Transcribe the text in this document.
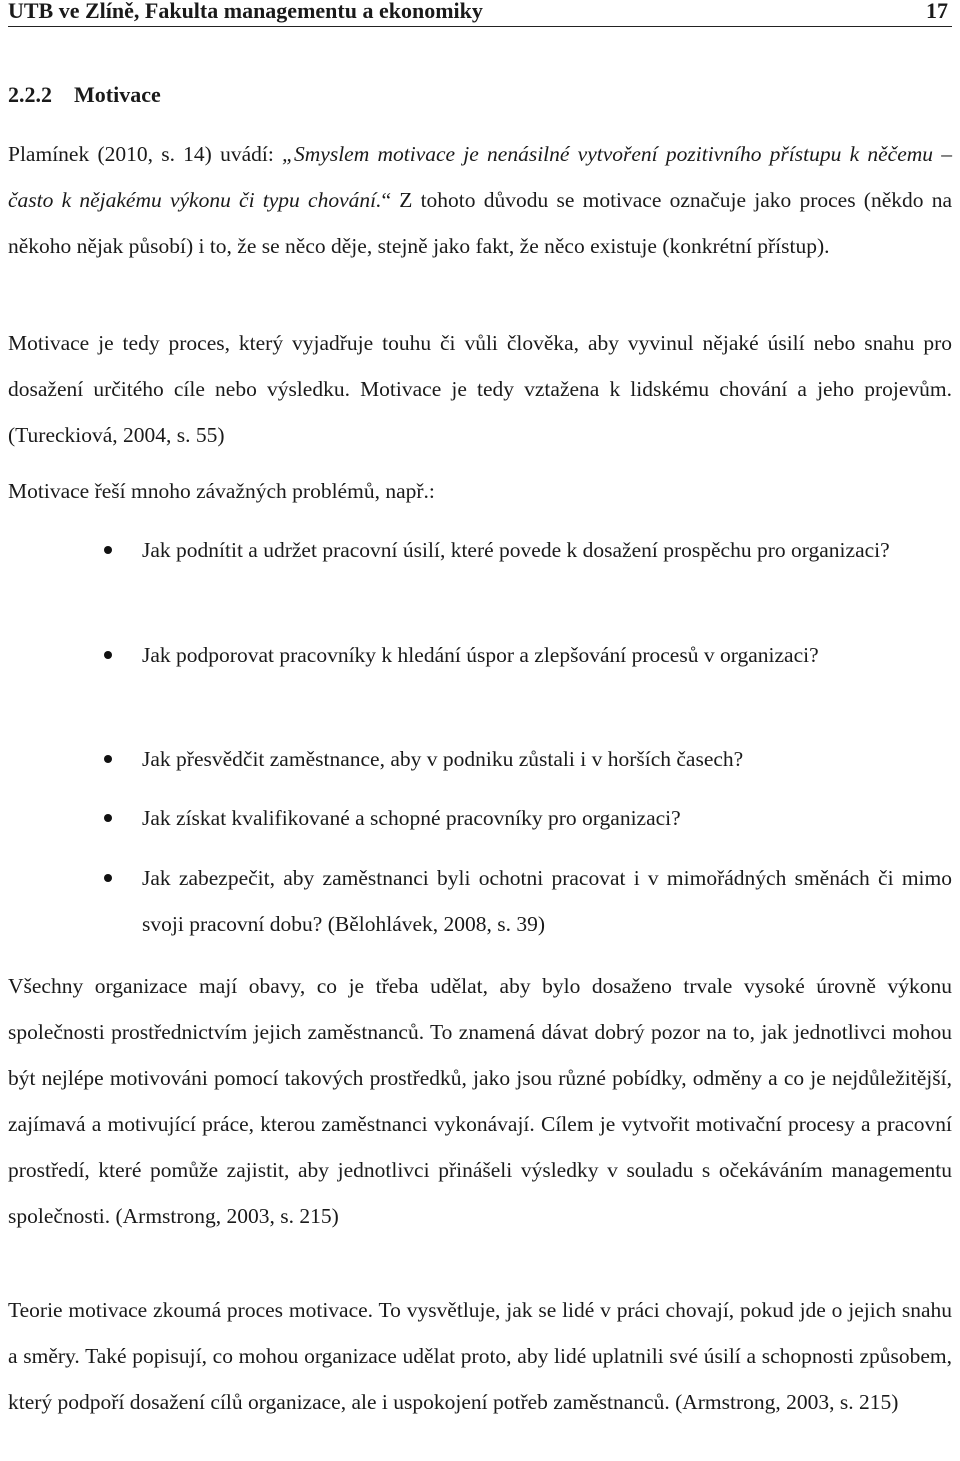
UTB ve Zlíně, Fakulta managementu a ekonomiky	17
2.2.2 Motivace

Plamínek (2010, s. 14) uvádí: „Smyslem motivace je nenásilné vytvoření pozitivního přístupu k něčemu – často k nějakému výkonu či typu chování.“ Z tohoto důvodu se motivace označuje jako proces (někdo na někoho nějak působí) i to, že se něco děje, stejně jako fakt, že něco existuje (konkrétní přístup).

Motivace je tedy proces, který vyjadřuje touhu či vůli člověka, aby vyvinul nějaké úsilí nebo snahu pro dosažení určitého cíle nebo výsledku. Motivace je tedy vztažena k lidskému chování a jeho projevům. (Tureckiová, 2004, s. 55)

Motivace řeší mnoho závažných problémů, např.:

Jak podnítit a udržet pracovní úsilí, které povede k dosažení prospěchu pro organizaci?
Jak podporovat pracovníky k hledání úspor a zlepšování procesů v organizaci?
Jak přesvědčit zaměstnance, aby v podniku zůstali i v horších časech?
Jak získat kvalifikované a schopné pracovníky pro organizaci?
Jak zabezpečit, aby zaměstnanci byli ochotni pracovat i v mimořádných směnách či mimo svoji pracovní dobu? (Bělohlávek, 2008, s. 39)

Všechny organizace mají obavy, co je třeba udělat, aby bylo dosaženo trvale vysoké úrovně výkonu společnosti prostřednictvím jejich zaměstnanců. To znamená dávat dobrý pozor na to, jak jednotlivci mohou být nejlépe motivováni pomocí takových prostředků, jako jsou různé pobídky, odměny a co je nejdůležitější, zajímavá a motivující práce, kterou zaměstnanci vykonávají. Cílem je vytvořit motivační procesy a pracovní prostředí, které pomůže zajistit, aby jednotlivci přinášeli výsledky v souladu s očekáváním managementu společnosti. (Armstrong, 2003, s. 215)

Teorie motivace zkoumá proces motivace. To vysvětluje, jak se lidé v práci chovají, pokud jde o jejich snahu a směry. Také popisují, co mohou organizace udělat proto, aby lidé uplatnili své úsilí a schopnosti způsobem, který podpoří dosažení cílů organizace, ale i uspokojení potřeb zaměstnanců. (Armstrong, 2003, s. 215)
